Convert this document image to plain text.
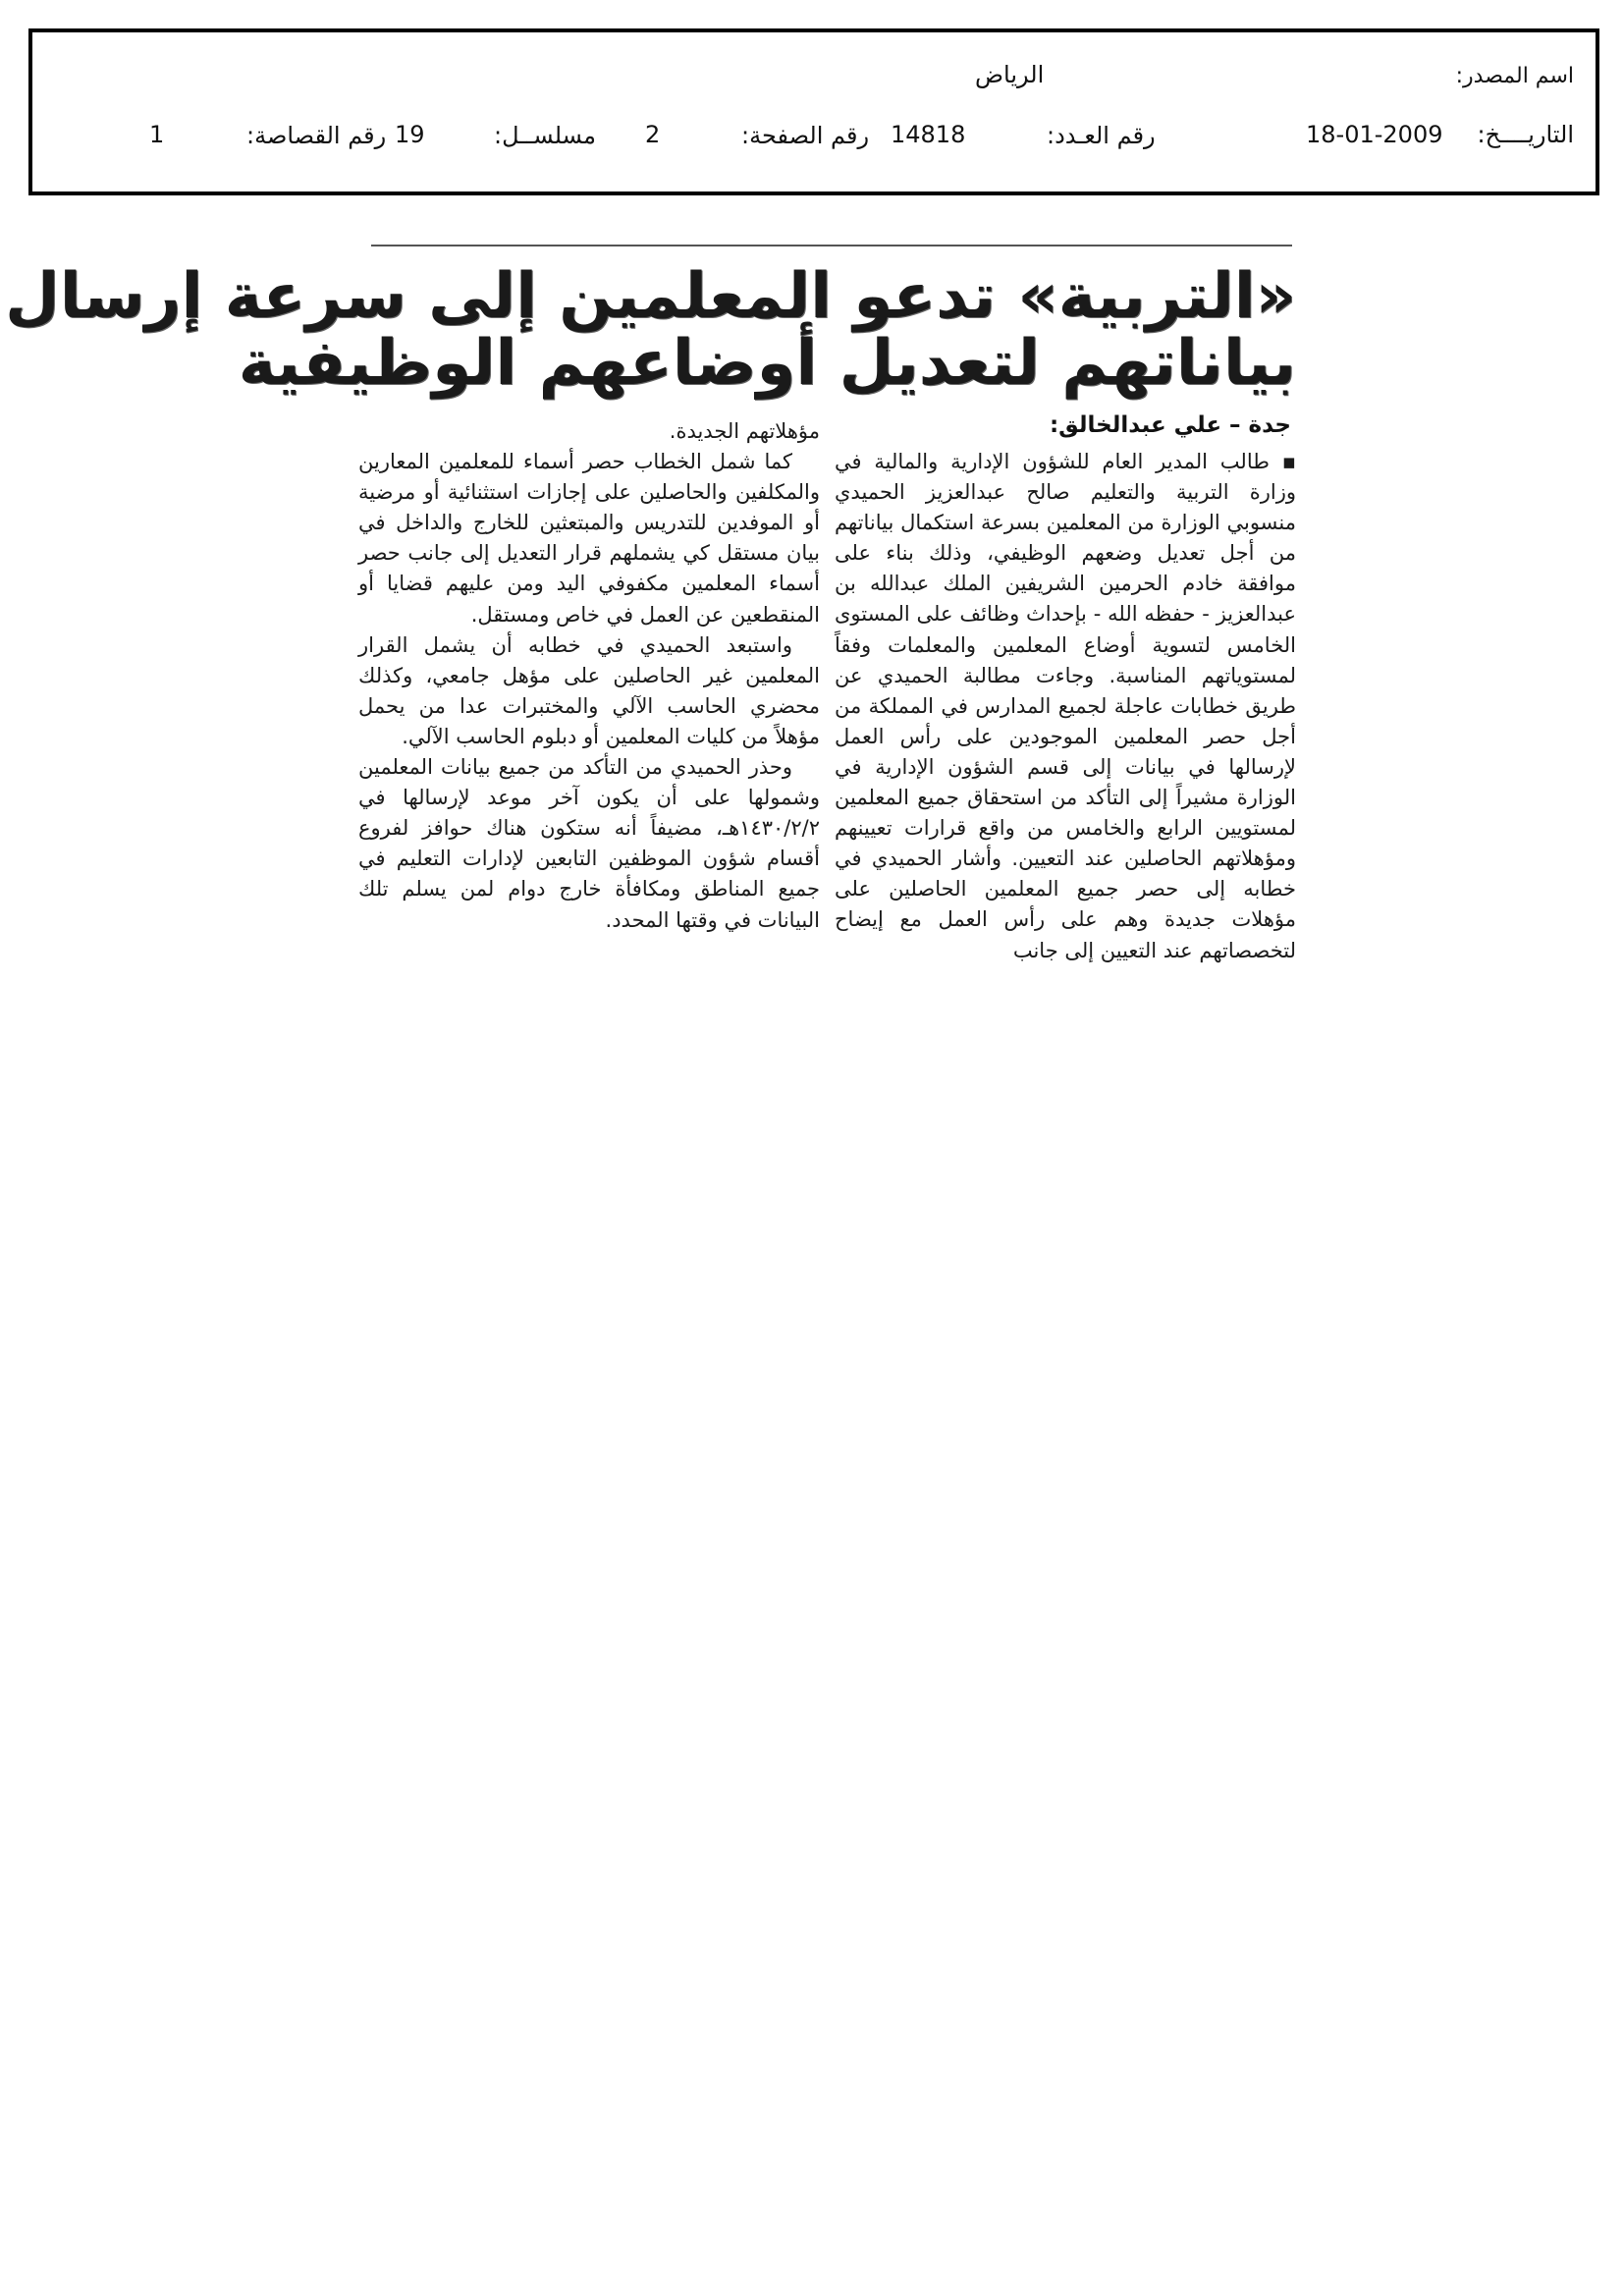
اسم المصدر:
الرياض
التاريــــخ:
18-01-2009
رقم العـدد:
14818
رقم الصفحة:
2
مسلســل:
19
رقم القصاصة:
1
«التربية» تدعو المعلمين إلى سرعة إرسال
بياناتهم لتعديل أوضاعهم الوظيفية
جدة – علي عبدالخالق:

▪ طالب المدير العام للشؤون الإدارية والمالية في وزارة التربية والتعليم صالح عبدالعزيز الحميدي منسوبي الوزارة من المعلمين بسرعة استكمال بياناتهم من أجل تعديل وضعهم الوظيفي، وذلك بناء على موافقة خادم الحرمين الشريفين الملك عبدالله بن عبدالعزيز - حفظه الله - بإحداث وظائف على المستوى الخامس لتسوية أوضاع المعلمين والمعلمات وفقاً لمستوياتهم المناسبة. وجاءت مطالبة الحميدي عن طريق خطابات عاجلة لجميع المدارس في المملكة من أجل حصر المعلمين الموجودين على رأس العمل لإرسالها في بيانات إلى قسم الشؤون الإدارية في الوزارة مشيراً إلى التأكد من استحقاق جميع المعلمين لمستويين الرابع والخامس من واقع قرارات تعيينهم ومؤهلاتهم الحاصلين عند التعيين. وأشار الحميدي في خطابه إلى حصر جميع المعلمين الحاصلين على مؤهلات جديدة وهم على رأس العمل مع إيضاح لتخصصاتهم عند التعيين إلى جانب

مؤهلاتهم الجديدة.

كما شمل الخطاب حصر أسماء للمعلمين المعارين والمكلفين والحاصلين على إجازات استثنائية أو مرضية أو الموفدين للتدريس والمبتعثين للخارج والداخل في بيان مستقل كي يشملهم قرار التعديل إلى جانب حصر أسماء المعلمين مكفوفي اليد ومن عليهم قضايا أو المنقطعين عن العمل في خاص ومستقل.

واستبعد الحميدي في خطابه أن يشمل القرار المعلمين غير الحاصلين على مؤهل جامعي، وكذلك محضري الحاسب الآلي والمختبرات عدا من يحمل مؤهلاً من كليات المعلمين أو دبلوم الحاسب الآلي.

وحذر الحميدي من التأكد من جميع بيانات المعلمين وشمولها على أن يكون آخر موعد لإرسالها في ١٤٣٠/٢/٢هـ، مضيفاً أنه ستكون هناك حوافز لفروع أقسام شؤون الموظفين التابعين لإدارات التعليم في جميع المناطق ومكافأة خارج دوام لمن يسلم تلك البيانات في وقتها المحدد.
